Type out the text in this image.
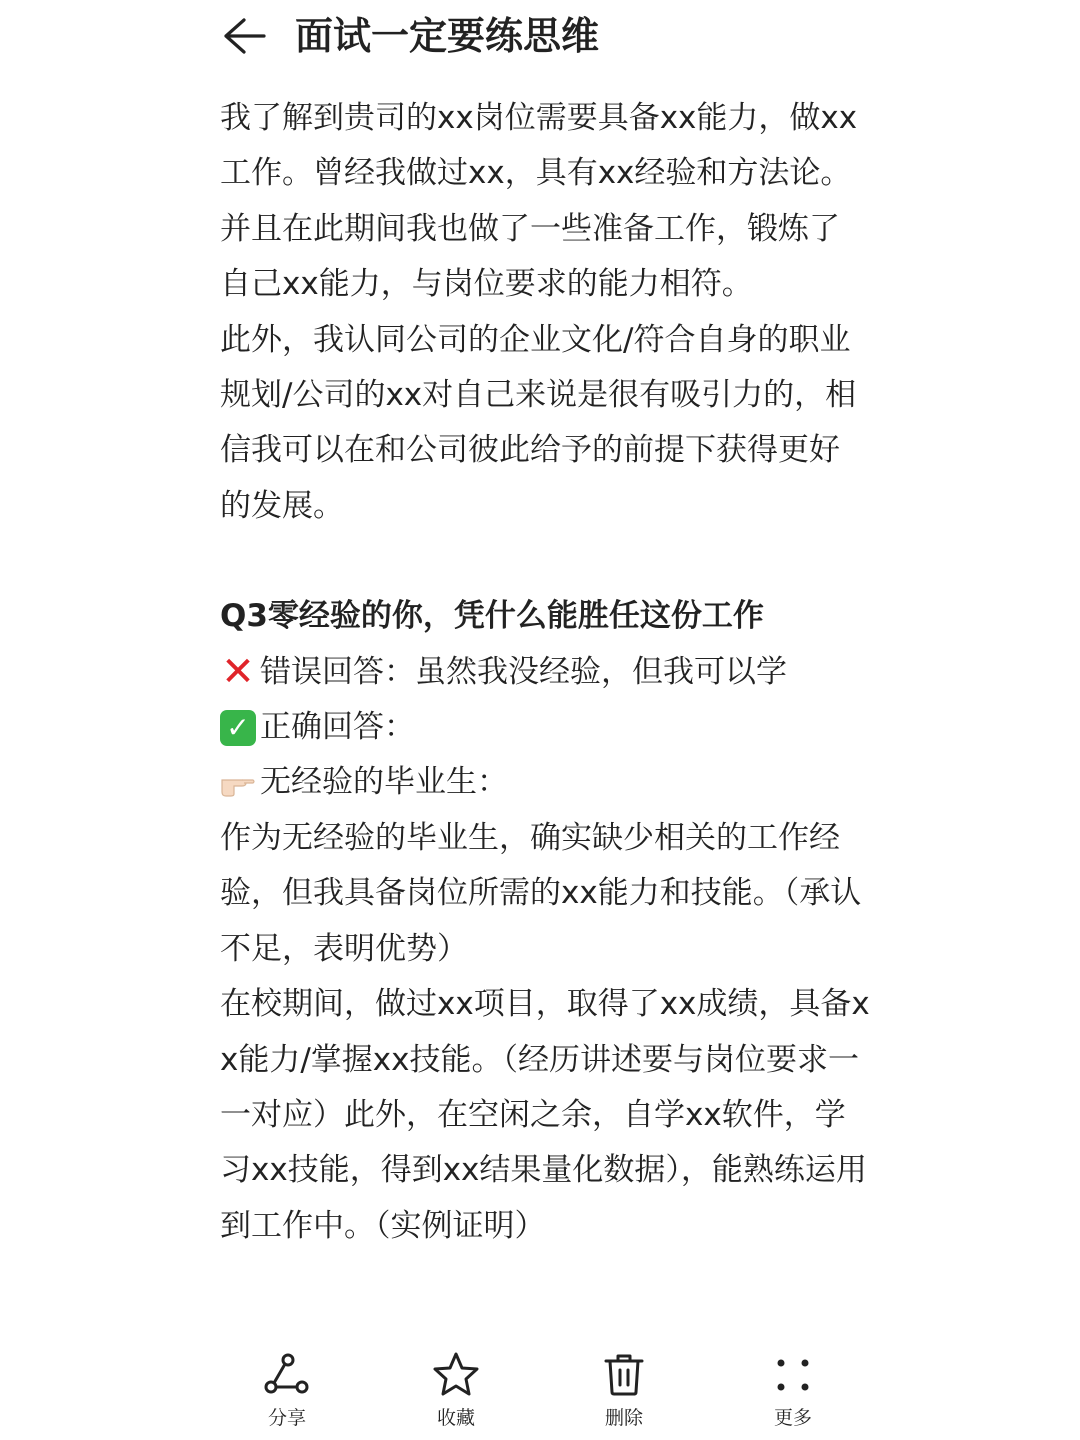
面试一定要练思维

我了解到贵司的xx岗位需要具备xx能力，做xx工作。曾经我做过xx，具有xx经验和方法论。并且在此期间我也做了一些准备工作，锻炼了自己xx能力，与岗位要求的能力相符。

此外，我认同公司的企业文化/符合自身的职业规划/公司的xx对自己来说是很有吸引力的，相信我可以在和公司彼此给予的前提下获得更好的发展。

Q3零经验的你，凭什么能胜任这份工作

✕ 错误回答：虽然我没经验，但我可以学

✓ 正确回答：

无经验的毕业生：

作为无经验的毕业生，确实缺少相关的工作经验，但我具备岗位所需的xx能力和技能。（承认不足，表明优势）

在校期间，做过xx项目，取得了xx成绩，具备xx能力/掌握xx技能。（经历讲述要与岗位要求一一对应）此外，在空闲之余，自学xx软件，学习xx技能，得到xx结果量化数据），能熟练运用到工作中。（实例证明）

分享	收藏	删除	更多
